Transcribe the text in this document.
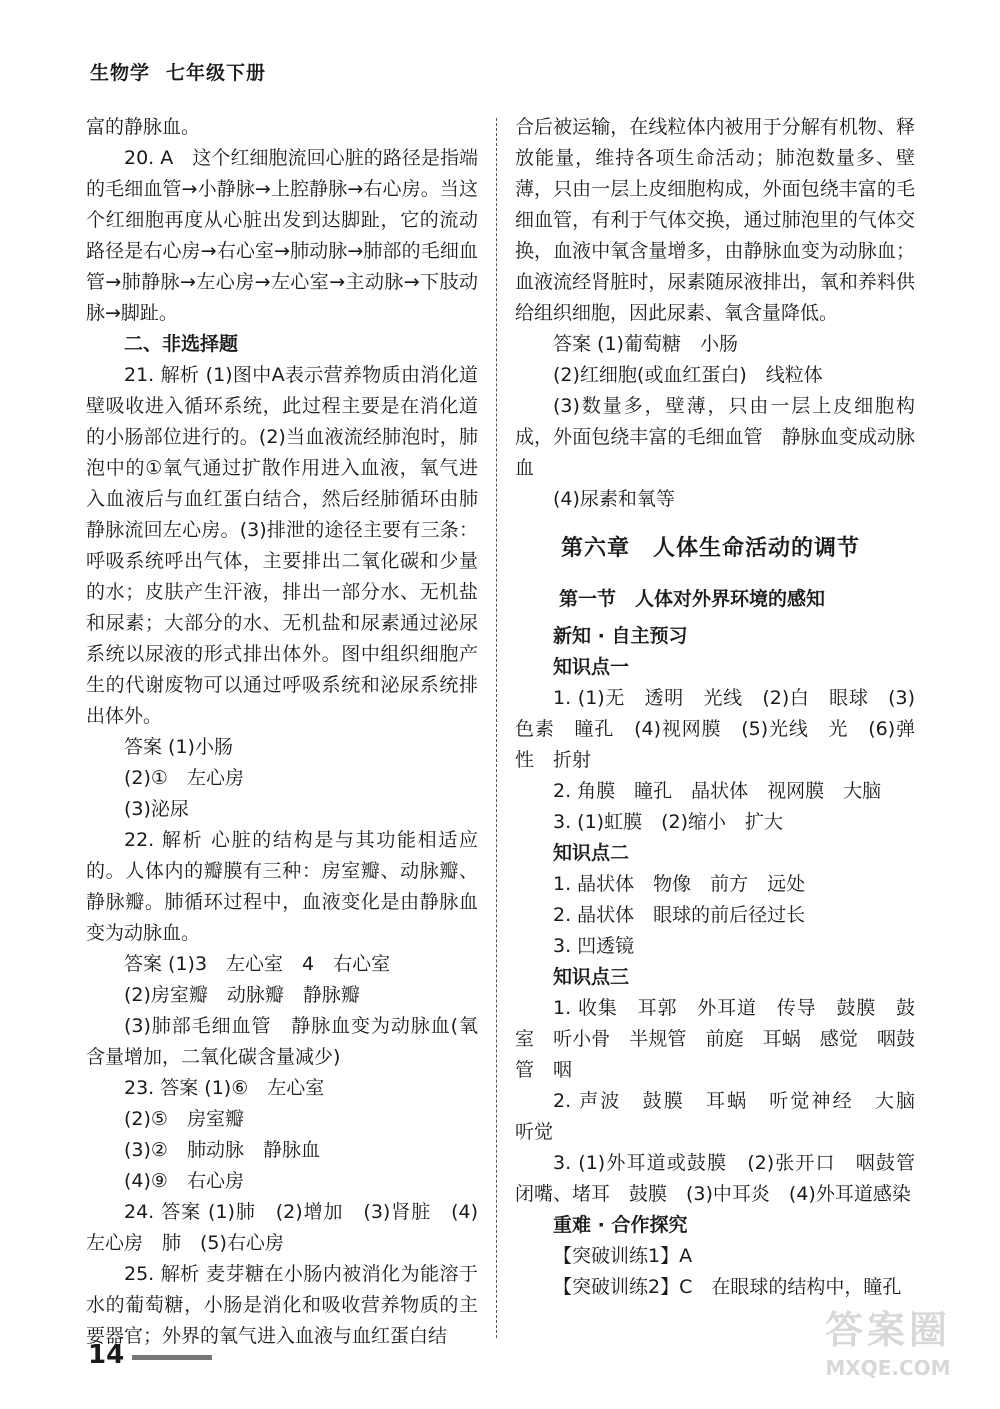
生物学 七年级下册

富的静脉血。

20. A　这个红细胞流回心脏的路径是指端的毛细血管→小静脉→上腔静脉→右心房。当这个红细胞再度从心脏出发到达脚趾，它的流动路径是右心房→右心室→肺动脉→肺部的毛细血管→肺静脉→左心房→左心室→主动脉→下肢动脉→脚趾。

二、非选择题

21. 解析 (1)图中A表示营养物质由消化道壁吸收进入循环系统，此过程主要是在消化道的小肠部位进行的。(2)当血液流经肺泡时，肺泡中的①氧气通过扩散作用进入血液，氧气进入血液后与血红蛋白结合，然后经肺循环由肺静脉流回左心房。(3)排泄的途径主要有三条：呼吸系统呼出气体，主要排出二氧化碳和少量的水；皮肤产生汗液，排出一部分水、无机盐和尿素；大部分的水、无机盐和尿素通过泌尿系统以尿液的形式排出体外。图中组织细胞产生的代谢废物可以通过呼吸系统和泌尿系统排出体外。

答案 (1)小肠

(2)①　左心房

(3)泌尿

22. 解析 心脏的结构是与其功能相适应的。人体内的瓣膜有三种：房室瓣、动脉瓣、静脉瓣。肺循环过程中，血液变化是由静脉血变为动脉血。

答案 (1)3　左心室　4　右心室

(2)房室瓣　动脉瓣　静脉瓣

(3)肺部毛细血管　静脉血变为动脉血(氧含量增加，二氧化碳含量减少)

23. 答案 (1)⑥　左心室

(2)⑤　房室瓣

(3)②　肺动脉　静脉血

(4)⑨　右心房

24. 答案 (1)肺　(2)增加　(3)肾脏　(4)左心房　肺　(5)右心房

25. 解析 麦芽糖在小肠内被消化为能溶于水的葡萄糖，小肠是消化和吸收营养物质的主要器官；外界的氧气进入血液与血红蛋白结

合后被运输，在线粒体内被用于分解有机物、释放能量，维持各项生命活动；肺泡数量多、壁薄，只由一层上皮细胞构成，外面包绕丰富的毛细血管，有利于气体交换，通过肺泡里的气体交换，血液中氧含量增多，由静脉血变为动脉血；血液流经肾脏时，尿素随尿液排出，氧和养料供给组织细胞，因此尿素、氧含量降低。

答案 (1)葡萄糖　小肠

(2)红细胞(或血红蛋白)　线粒体

(3)数量多，壁薄，只由一层上皮细胞构成，外面包绕丰富的毛细血管　静脉血变成动脉血

(4)尿素和氧等

第六章　人体生命活动的调节
第一节　人体对外界环境的感知

新知 · 自主预习

知识点一

1. (1)无　透明　光线　(2)白　眼球　(3)色素　瞳孔　(4)视网膜　(5)光线　光　(6)弹性　折射

2. 角膜　瞳孔　晶状体　视网膜　大脑

3. (1)虹膜　(2)缩小　扩大

知识点二

1. 晶状体　物像　前方　远处

2. 晶状体　眼球的前后径过长

3. 凹透镜

知识点三

1. 收集　耳郭　外耳道　传导　鼓膜　鼓室　听小骨　半规管　前庭　耳蜗　感觉　咽鼓管　咽

2. 声波　鼓膜　耳蜗　听觉神经　大脑　听觉

3. (1)外耳道或鼓膜　(2)张开口　咽鼓管　闭嘴、堵耳　鼓膜　(3)中耳炎　(4)外耳道感染

重难 · 合作探究

【突破训练1】A

【突破训练2】C　在眼球的结构中，瞳孔

14
答案圈
MXQE.COM
